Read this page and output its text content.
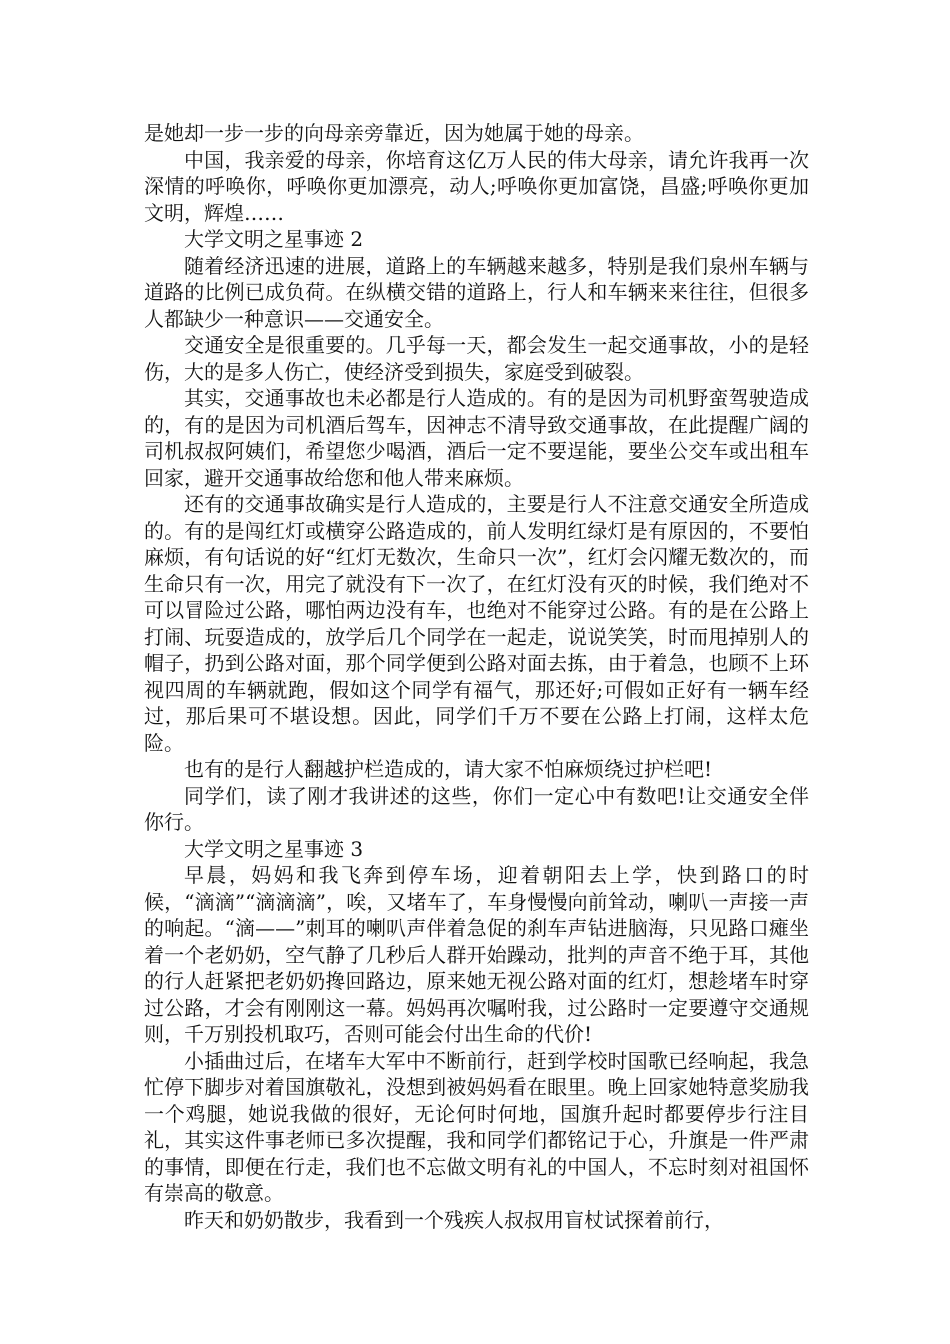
是她却一步一步的向母亲旁靠近，因为她属于她的母亲。

中国，我亲爱的母亲，你培育这亿万人民的伟大母亲，请允许我再一次深情的呼唤你，呼唤你更加漂亮，动人;呼唤你更加富饶，昌盛;呼唤你更加文明，辉煌……

大学文明之星事迹 2

随着经济迅速的进展，道路上的车辆越来越多，特别是我们泉州车辆与道路的比例已成负荷。在纵横交错的道路上，行人和车辆来来往往，但很多人都缺少一种意识——交通安全。

交通安全是很重要的。几乎每一天，都会发生一起交通事故，小的是轻伤，大的是多人伤亡，使经济受到损失，家庭受到破裂。

其实，交通事故也未必都是行人造成的。有的是因为司机野蛮驾驶造成的，有的是因为司机酒后驾车，因神志不清导致交通事故，在此提醒广阔的司机叔叔阿姨们，希望您少喝酒，酒后一定不要逞能，要坐公交车或出租车回家，避开交通事故给您和他人带来麻烦。

还有的交通事故确实是行人造成的，主要是行人不注意交通安全所造成的。有的是闯红灯或横穿公路造成的，前人发明红绿灯是有原因的，不要怕麻烦，有句话说的好“红灯无数次，生命只一次”，红灯会闪耀无数次的，而生命只有一次，用完了就没有下一次了，在红灯没有灭的时候，我们绝对不可以冒险过公路，哪怕两边没有车，也绝对不能穿过公路。有的是在公路上打闹、玩耍造成的，放学后几个同学在一起走，说说笑笑，时而甩掉别人的帽子，扔到公路对面，那个同学便到公路对面去拣，由于着急，也顾不上环视四周的车辆就跑，假如这个同学有福气，那还好;可假如正好有一辆车经过，那后果可不堪设想。因此，同学们千万不要在公路上打闹，这样太危险。

也有的是行人翻越护栏造成的，请大家不怕麻烦绕过护栏吧!

同学们，读了刚才我讲述的这些，你们一定心中有数吧!让交通安全伴你行。

大学文明之星事迹 3

早晨，妈妈和我飞奔到停车场，迎着朝阳去上学，快到路口的时候，“滴滴”“滴滴滴”，唉，又堵车了，车身慢慢向前耸动，喇叭一声接一声的响起。“滴——”刺耳的喇叭声伴着急促的刹车声钻进脑海，只见路口瘫坐着一个老奶奶，空气静了几秒后人群开始躁动，批判的声音不绝于耳，其他的行人赶紧把老奶奶搀回路边，原来她无视公路对面的红灯，想趁堵车时穿过公路，才会有刚刚这一幕。妈妈再次嘱咐我，过公路时一定要遵守交通规则，千万别投机取巧，否则可能会付出生命的代价!

小插曲过后，在堵车大军中不断前行，赶到学校时国歌已经响起，我急忙停下脚步对着国旗敬礼，没想到被妈妈看在眼里。晚上回家她特意奖励我一个鸡腿，她说我做的很好，无论何时何地，国旗升起时都要停步行注目礼，其实这件事老师已多次提醒，我和同学们都铭记于心，升旗是一件严肃的事情，即便在行走，我们也不忘做文明有礼的中国人，不忘时刻对祖国怀有崇高的敬意。

昨天和奶奶散步，我看到一个残疾人叔叔用盲杖试探着前行，
